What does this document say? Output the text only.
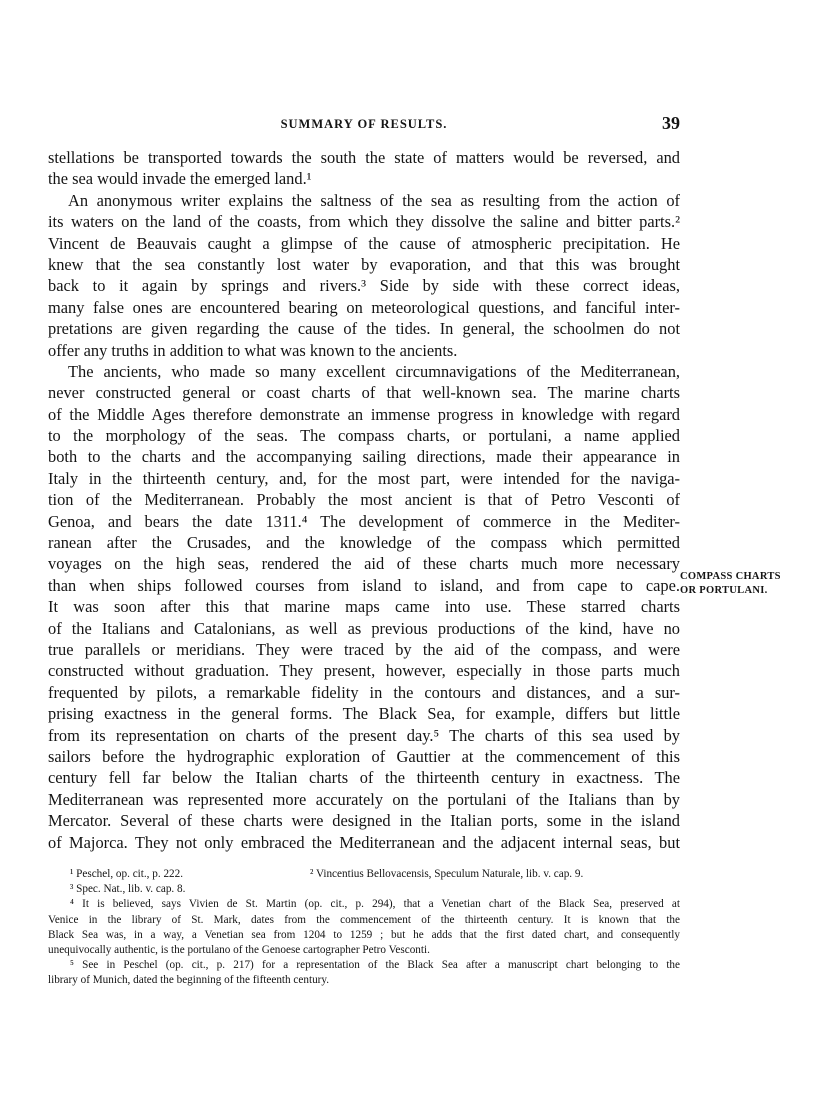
SUMMARY OF RESULTS.	39
stellations be transported towards the south the state of matters would be reversed, and
the sea would invade the emerged land.¹
An anonymous writer explains the saltness of the sea as resulting from the action of
its waters on the land of the coasts, from which they dissolve the saline and bitter parts.²
Vincent de Beauvais caught a glimpse of the cause of atmospheric precipitation. He
knew that the sea constantly lost water by evaporation, and that this was brought
back to it again by springs and rivers.³ Side by side with these correct ideas,
many false ones are encountered bearing on meteorological questions, and fanciful inter-
pretations are given regarding the cause of the tides. In general, the schoolmen do not
offer any truths in addition to what was known to the ancients.
The ancients, who made so many excellent circumnavigations of the Mediterranean,
never constructed general or coast charts of that well-known sea. The marine charts
of the Middle Ages therefore demonstrate an immense progress in knowledge with regard
to the morphology of the seas. The compass charts, or portulani, a name applied
both to the charts and the accompanying sailing directions, made their appearance in
Italy in the thirteenth century, and, for the most part, were intended for the naviga-
tion of the Mediterranean. Probably the most ancient is that of Petro Vesconti of
Genoa, and bears the date 1311.⁴ The development of commerce in the Mediter-
ranean after the Crusades, and the knowledge of the compass which permitted
voyages on the high seas, rendered the aid of these charts much more necessary
than when ships followed courses from island to island, and from cape to cape.
It was soon after this that marine maps came into use. These starred charts
of the Italians and Catalonians, as well as previous productions of the kind, have no
true parallels or meridians. They were traced by the aid of the compass, and were
constructed without graduation. They present, however, especially in those parts much
frequented by pilots, a remarkable fidelity in the contours and distances, and a sur-
prising exactness in the general forms. The Black Sea, for example, differs but little
from its representation on charts of the present day.⁵ The charts of this sea used by
sailors before the hydrographic exploration of Gauttier at the commencement of this
century fell far below the Italian charts of the thirteenth century in exactness. The
Mediterranean was represented more accurately on the portulani of the Italians than by
Mercator. Several of these charts were designed in the Italian ports, some in the island
of Majorca. They not only embraced the Mediterranean and the adjacent internal seas, but
COMPASS CHARTS
OR PORTULANI.
¹ Peschel, op. cit., p. 222.	² Vincentius Bellovacensis, Speculum Naturale, lib. v. cap. 9.
³ Spec. Nat., lib. v. cap. 8.
⁴ It is believed, says Vivien de St. Martin (op. cit., p. 294), that a Venetian chart of the Black Sea, preserved at
Venice in the library of St. Mark, dates from the commencement of the thirteenth century. It is known that the
Black Sea was, in a way, a Venetian sea from 1204 to 1259 ; but he adds that the first dated chart, and consequently
unequivocally authentic, is the portulano of the Genoese cartographer Petro Vesconti.
⁵ See in Peschel (op. cit., p. 217) for a representation of the Black Sea after a manuscript chart belonging to the
library of Munich, dated the beginning of the fifteenth century.
